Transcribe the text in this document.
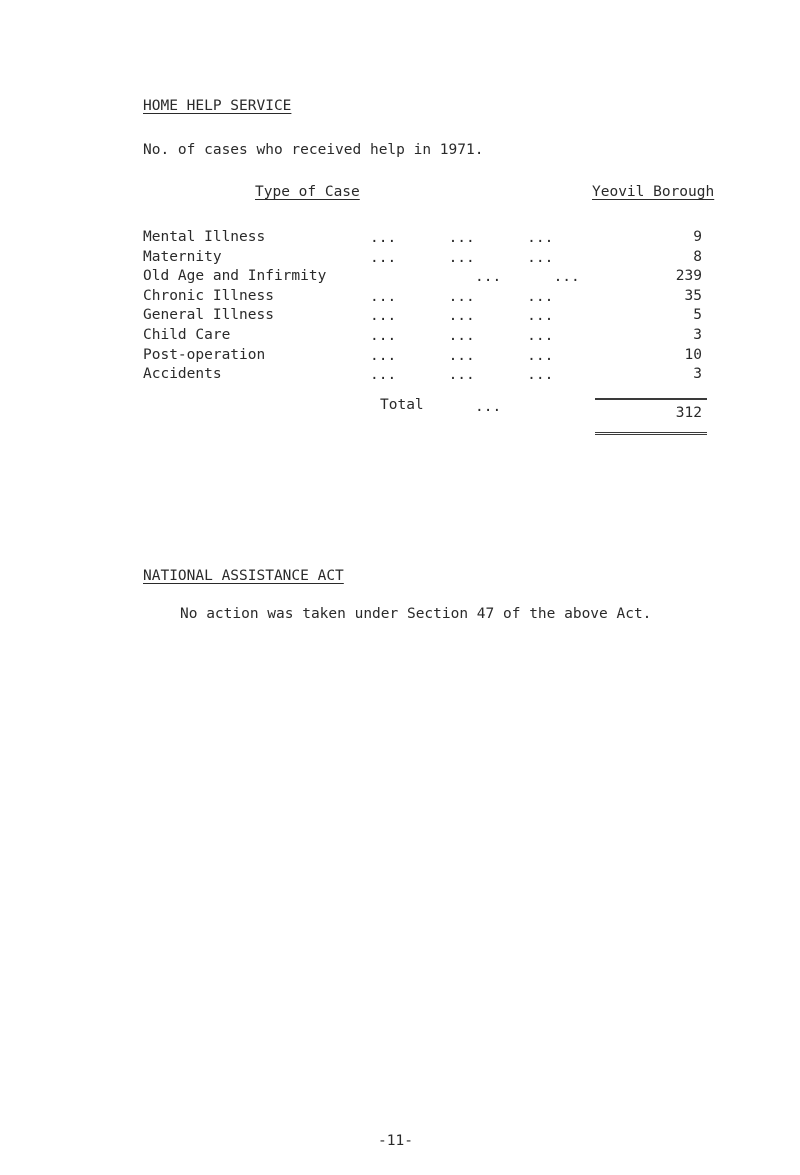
HOME HELP SERVICE
No. of cases who received help in 1971.
Type of Case	Yeovil Borough
Mental Illness	...      ...      ...	9
Maternity	...      ...      ...	8
Old Age and Infirmity	...      ...	239
Chronic Illness	...      ...      ...	35
General Illness	...      ...      ...	5
Child Care	...      ...      ...	3
Post-operation	...      ...      ...	10
Accidents	...      ...      ...	3
Total	...	312
NATIONAL ASSISTANCE ACT
No action was taken under Section 47 of the above Act.
-11-
